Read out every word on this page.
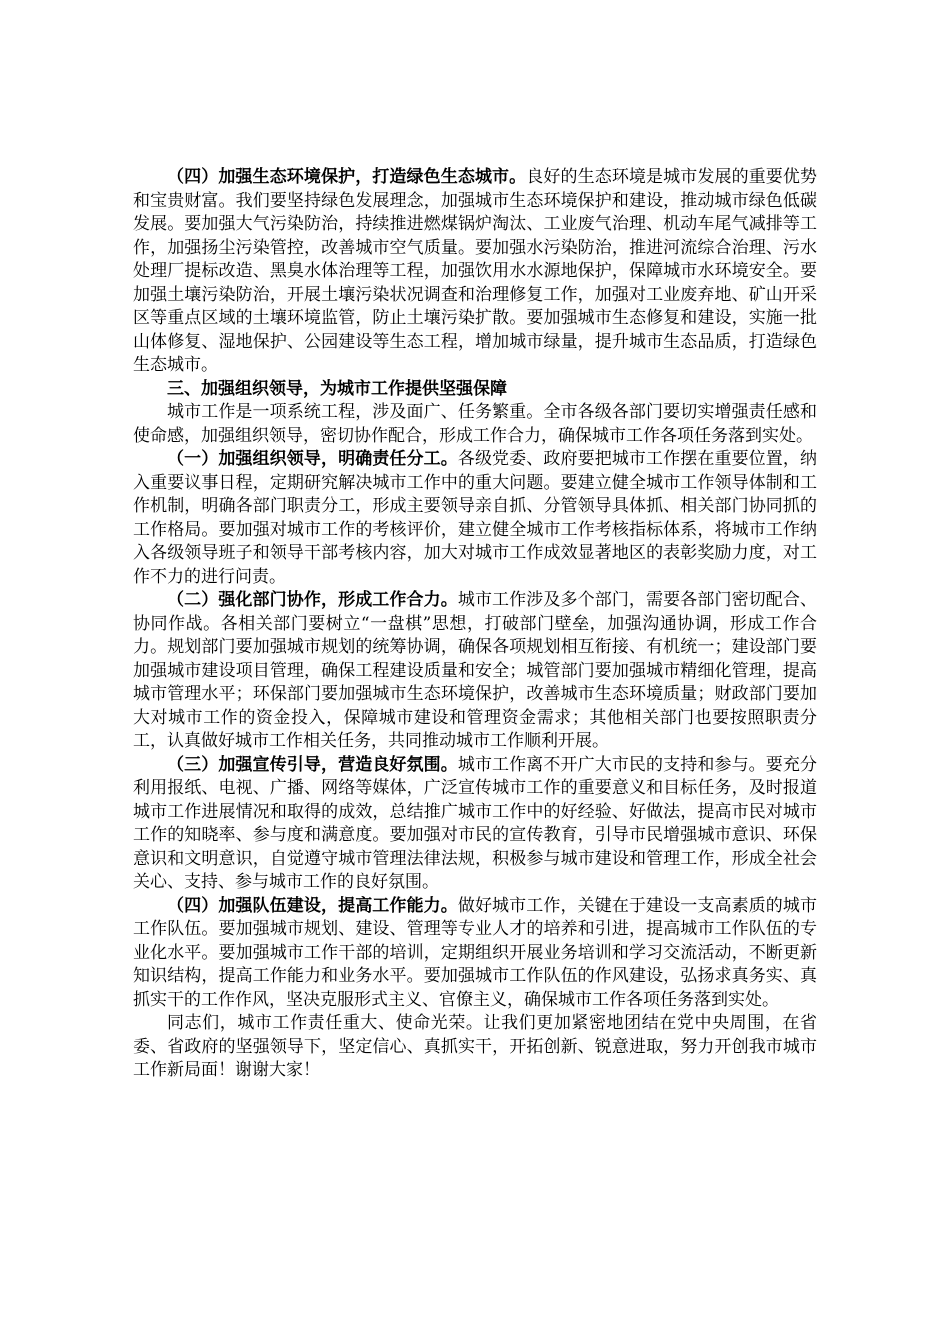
（四）加强生态环境保护，打造绿色生态城市。良好的生态环境是城市发展的重要优势和宝贵财富。我们要坚持绿色发展理念，加强城市生态环境保护和建设，推动城市绿色低碳发展。要加强大气污染防治，持续推进燃煤锅炉淘汰、工业废气治理、机动车尾气减排等工作，加强扬尘污染管控，改善城市空气质量。要加强水污染防治，推进河流综合治理、污水处理厂提标改造、黑臭水体治理等工程，加强饮用水水源地保护，保障城市水环境安全。要加强土壤污染防治，开展土壤污染状况调查和治理修复工作，加强对工业废弃地、矿山开采区等重点区域的土壤环境监管，防止土壤污染扩散。要加强城市生态修复和建设，实施一批山体修复、湿地保护、公园建设等生态工程，增加城市绿量，提升城市生态品质，打造绿色生态城市。

三、加强组织领导，为城市工作提供坚强保障

城市工作是一项系统工程，涉及面广、任务繁重。全市各级各部门要切实增强责任感和使命感，加强组织领导，密切协作配合，形成工作合力，确保城市工作各项任务落到实处。

（一）加强组织领导，明确责任分工。各级党委、政府要把城市工作摆在重要位置，纳入重要议事日程，定期研究解决城市工作中的重大问题。要建立健全城市工作领导体制和工作机制，明确各部门职责分工，形成主要领导亲自抓、分管领导具体抓、相关部门协同抓的工作格局。要加强对城市工作的考核评价，建立健全城市工作考核指标体系，将城市工作纳入各级领导班子和领导干部考核内容，加大对城市工作成效显著地区的表彰奖励力度，对工作不力的进行问责。

（二）强化部门协作，形成工作合力。城市工作涉及多个部门，需要各部门密切配合、协同作战。各相关部门要树立“一盘棋”思想，打破部门壁垒，加强沟通协调，形成工作合力。规划部门要加强城市规划的统筹协调，确保各项规划相互衔接、有机统一；建设部门要加强城市建设项目管理，确保工程建设质量和安全；城管部门要加强城市精细化管理，提高城市管理水平；环保部门要加强城市生态环境保护，改善城市生态环境质量；财政部门要加大对城市工作的资金投入，保障城市建设和管理资金需求；其他相关部门也要按照职责分工，认真做好城市工作相关任务，共同推动城市工作顺利开展。

（三）加强宣传引导，营造良好氛围。城市工作离不开广大市民的支持和参与。要充分利用报纸、电视、广播、网络等媒体，广泛宣传城市工作的重要意义和目标任务，及时报道城市工作进展情况和取得的成效，总结推广城市工作中的好经验、好做法，提高市民对城市工作的知晓率、参与度和满意度。要加强对市民的宣传教育，引导市民增强城市意识、环保意识和文明意识，自觉遵守城市管理法律法规，积极参与城市建设和管理工作，形成全社会关心、支持、参与城市工作的良好氛围。

（四）加强队伍建设，提高工作能力。做好城市工作，关键在于建设一支高素质的城市工作队伍。要加强城市规划、建设、管理等专业人才的培养和引进，提高城市工作队伍的专业化水平。要加强城市工作干部的培训，定期组织开展业务培训和学习交流活动，不断更新知识结构，提高工作能力和业务水平。要加强城市工作队伍的作风建设，弘扬求真务实、真抓实干的工作作风，坚决克服形式主义、官僚主义，确保城市工作各项任务落到实处。

同志们，城市工作责任重大、使命光荣。让我们更加紧密地团结在党中央周围，在省委、省政府的坚强领导下，坚定信心、真抓实干，开拓创新、锐意进取，努力开创我市城市工作新局面！谢谢大家！
